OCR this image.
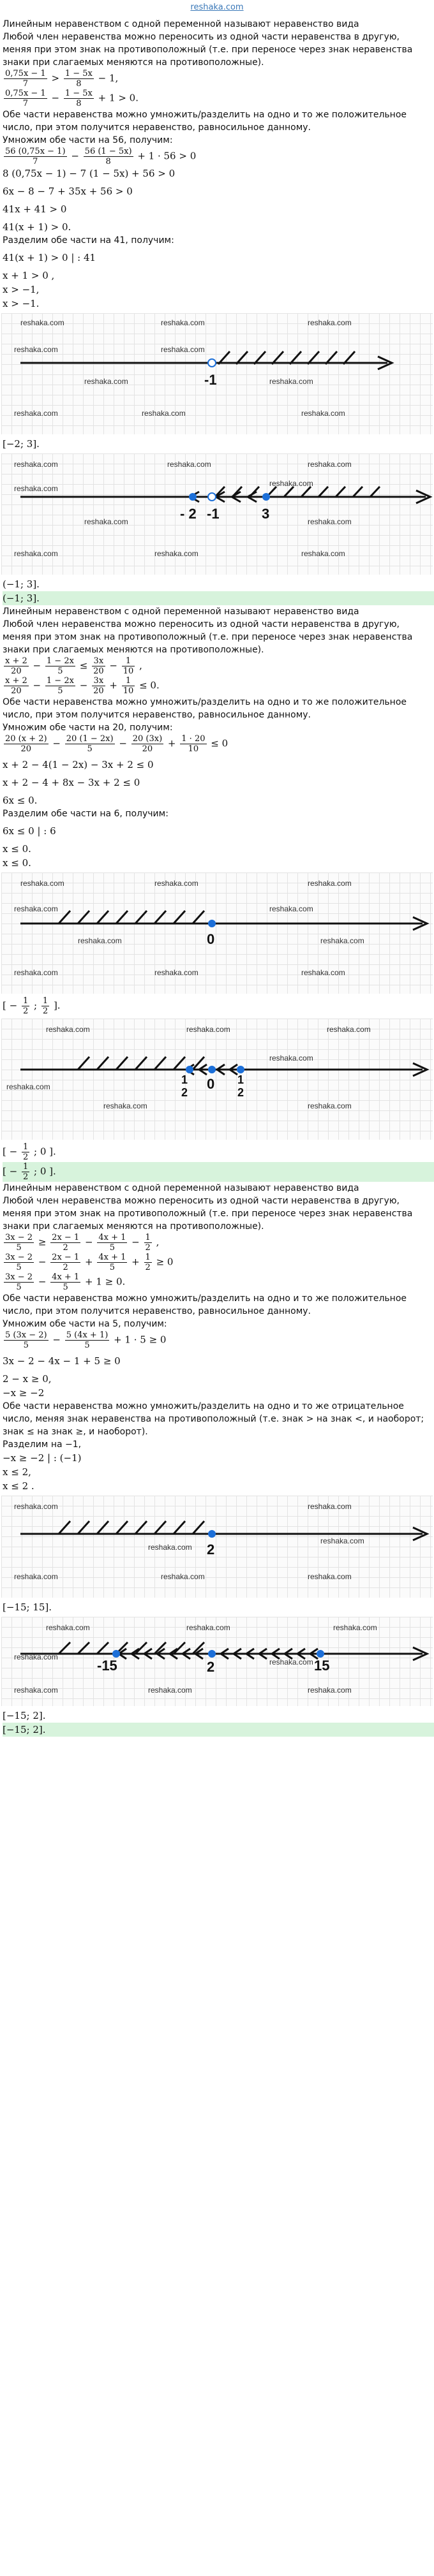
reshaka.com

Линейным неравенством с одной переменной называют неравенство вида

Любой член неравенства можно переносить из одной части неравенства в другую, меняя при этом знак на противоположный (т.е. при переносе через знак неравенства знаки при слагаемых меняются на противоположные).

$\frac{0,75x - 1}{7} > \frac{1 - 5x}{8} - 1$,
$\frac{0,75x - 1}{7} - \frac{1 - 5x}{8} + 1 > 0$.

Обе части неравенства можно умножить/разделить на одно и то же положительное число, при этом получится неравенство, равносильное данному.

Умножим обе части на 56, получим:

$\frac{56 (0,75x - 1)}{7} - \frac{56 (1 - 5x)}{8} + 1 \cdot 56 > 0$
8 (0,75x − 1) − 7 (1 − 5x) + 56 > 0
6x − 8 − 7 + 35x + 56 > 0
41x + 41 > 0
41(x + 1) > 0.

Разделим обе части на 41, получим:

41(x + 1) > 0 | : 41
x + 1 > 0 ,
x > −1,
x > −1.
-1
reshaka.com	reshaka.com	reshaka.com
reshaka.com	reshaka.com
reshaka.com	reshaka.com
reshaka.com	reshaka.com	reshaka.com
[−2; 3].
- 2 -1	3
reshaka.com	reshaka.com	reshaka.com
reshaka.com
reshaka.com
reshaka.com	reshaka.com
reshaka.com	reshaka.com	reshaka.com
(−1; 3].
(−1; 3].

Линейным неравенством с одной переменной называют неравенство вида

Любой член неравенства можно переносить из одной части неравенства в другую, меняя при этом знак на противоположный (т.е. при переносе через знак неравенства знаки при слагаемых меняются на противоположные).

$\frac{x + 2}{20} - \frac{1 - 2x}{5} \le \frac{3x}{20} - \frac{1}{10}$ ,
$\frac{x + 2}{20} - \frac{1 - 2x}{5} - \frac{3x}{20} + \frac{1}{10} \le 0$.

Обе части неравенства можно умножить/разделить на одно и то же положительное число, при этом получится неравенство, равносильное данному.

Умножим обе части на 20, получим:

$\frac{20 (x + 2)}{20} - \frac{20 (1 - 2x)}{5} - \frac{20 (3x)}{20} + \frac{1 \cdot 20}{10} \le 0$
x + 2 − 4(1 − 2x) − 3x + 2 ≤ 0
x + 2 − 4 + 8x − 3x + 2 ≤ 0
6x ≤ 0.

Разделим обе части на 6, получим:

6x ≤ 0 | : 6
x ≤ 0.
x ≤ 0.
0
reshaka.com	reshaka.com	reshaka.com
reshaka.com	reshaka.com
reshaka.com	reshaka.com
reshaka.com	reshaka.com	reshaka.com
[ − $\frac{1}{2}$ ; $\frac{1}{2}$ ].
1
2
0 1
2
reshaka.com	reshaka.com	reshaka.com
reshaka.com
reshaka.com
reshaka.com	reshaka.com
[ − $\frac{1}{2}$ ; 0 ].
[ − $\frac{1}{2}$ ; 0 ].

Линейным неравенством с одной переменной называют неравенство вида

Любой член неравенства можно переносить из одной части неравенства в другую, меняя при этом знак на противоположный (т.е. при переносе через знак неравенства знаки при слагаемых меняются на противоположные).

$\frac{3x - 2}{5} \ge \frac{2x - 1}{2} - \frac{4x + 1}{5} - \frac{1}{2}$ ,
$\frac{3x - 2}{5} - \frac{2x - 1}{2} + \frac{4x + 1}{5} + \frac{1}{2} \ge 0$
$\frac{3x - 2}{5} - \frac{4x + 1}{5} + 1 \ge 0$.

Обе части неравенства можно умножить/разделить на одно и то же положительное число, при этом получится неравенство, равносильное данному.

Умножим обе части на 5, получим:

$\frac{5 (3x - 2)}{5} - \frac{5 (4x + 1)}{5} + 1 \cdot 5 \ge 0$
3x − 2 − 4x − 1 + 5 ≥ 0
2 − x ≥ 0,
−x ≥ −2

Обе части неравенства можно умножить/разделить на одно и то же отрицательное число, меняя знак неравенства на противоположный (т.е. знак > на знак <, и наоборот; знак ≤ на знак ≥, и наоборот).

Разделим на −1,

−x ≥ −2 | : (−1)
x ≤ 2,
x ≤ 2 .
2
reshaka.com	reshaka.com
reshaka.com
reshaka.com
reshaka.com	reshaka.com	reshaka.com
[−15; 15].
-15	2	15
reshaka.com	reshaka.com	reshaka.com
reshaka.com
reshaka.com
reshaka.com	reshaka.com	reshaka.com
[−15; 2].
[−15; 2].
